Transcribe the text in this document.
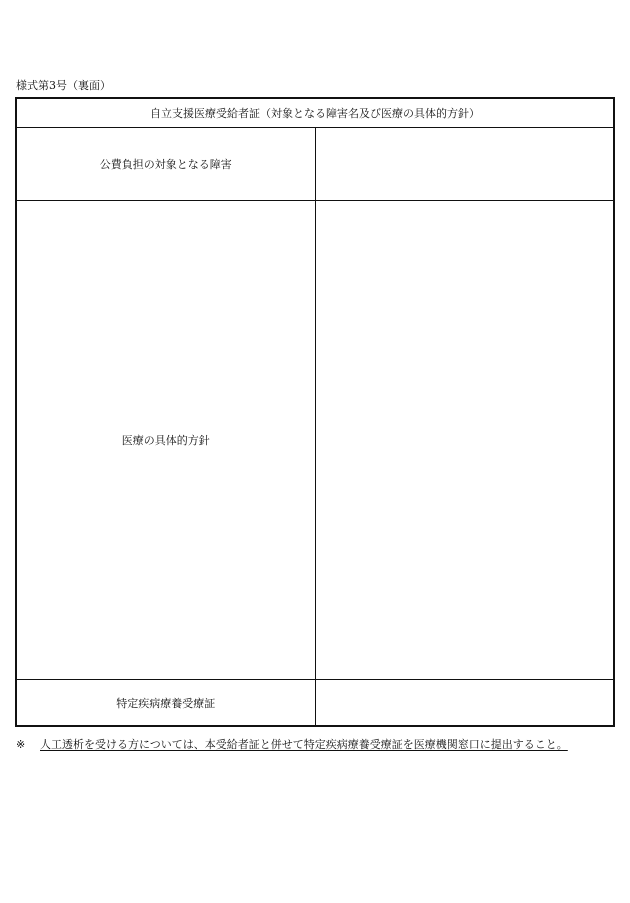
様式第3号（裏面）
自立支援医療受給者証（対象となる障害名及び医療の具体的方針）	
公費負担の対象となる障害	
医療の具体的方針	
特定疾病療養受療証	
※ 人工透析を受ける方については、本受給者証と併せて特定疾病療養受療証を医療機関窓口に提出すること。
